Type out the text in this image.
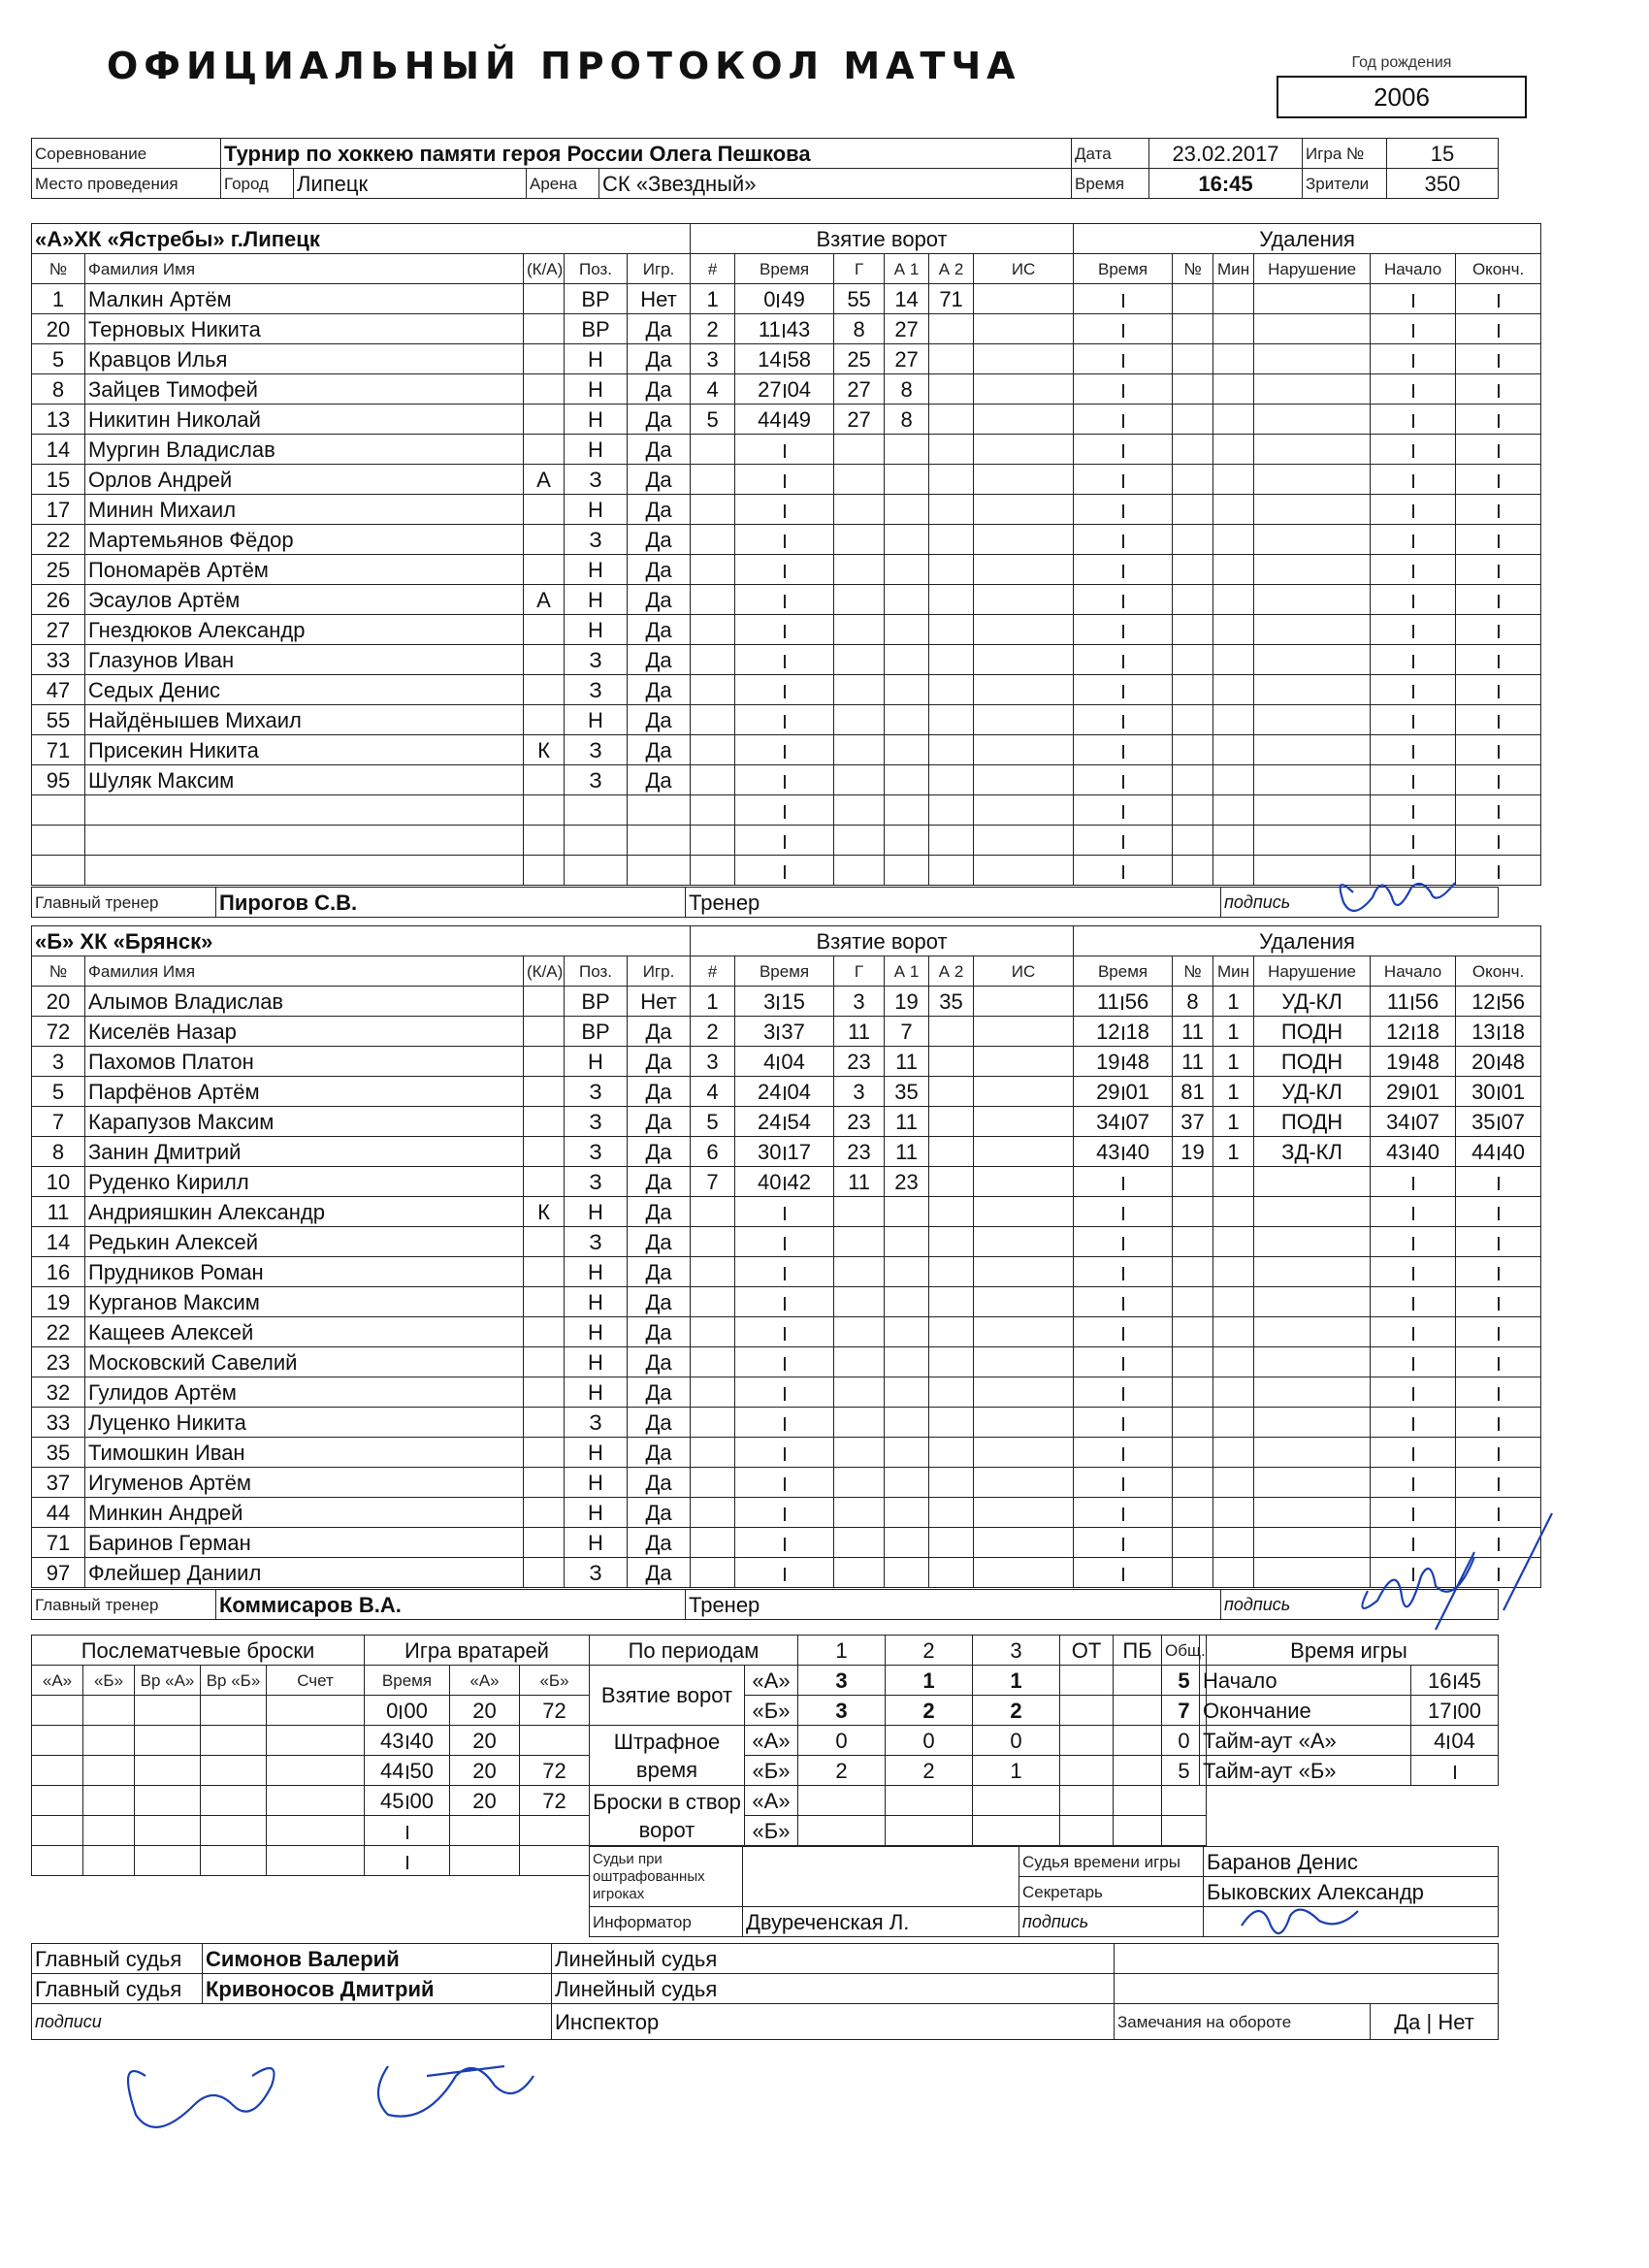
ОФИЦИАЛЬНЫЙ ПРОТОКОЛ МАТЧА	Год рождения
2006
Соревнование	Турнир по хоккею памяти героя России Олега Пешкова				Дата	23.02.2017	Игра №	15
Место проведения	Город	Липецк	Арена	СК «Звездный»	Время	16:45	Зрители	350
«А»ХК «Ястребы» г.Липецк					Взятие ворот						Удаления					
№	Фамилия Имя	(К/А)	Поз.	Игр.	#	Время	Г	А 1	А 2	ИС	Время	№	Мин	Нарушение	Начало	Оконч.
1	Малкин Артём		ВР	Нет	1	0 49	55	14	71							
20	Терновых Никита		ВР	Да	2	11 43	8	27								
5	Кравцов Илья		Н	Да	3	14 58	25	27								
8	Зайцев Тимофей		Н	Да	4	27 04	27	8								
13	Никитин Николай		Н	Да	5	44 49	27	8								
14	Мургин Владислав		Н	Да												
15	Орлов Андрей	А	З	Да												
17	Минин Михаил		Н	Да												
22	Мартемьянов Фёдор		З	Да												
25	Пономарёв Артём		Н	Да												
26	Эсаулов Артём	А	Н	Да												
27	Гнездюков Александр		Н	Да												
33	Глазунов Иван		З	Да												
47	Седых Денис		З	Да												
55	Найдёнышев Михаил		Н	Да												
71	Присекин Никита	К	З	Да												
95	Шуляк Максим		З	Да												

Главный тренер	Пирогов С.В.	Тренер	подпись
«Б» ХК «Брянск»					Взятие ворот						Удаления					
№	Фамилия Имя	(К/А)	Поз.	Игр.	#	Время	Г	А 1	А 2	ИС	Время	№	Мин	Нарушение	Начало	Оконч.
20	Алымов Владислав		ВР	Нет	1	3 15	3	19	35		11 56	8	1	УД-КЛ	11 56	12 56
72	Киселёв Назар		ВР	Да	2	3 37	11	7			12 18	11	1	ПОДН	12 18	13 18
3	Пахомов Платон		Н	Да	3	4 04	23	11			19 48	11	1	ПОДН	19 48	20 48
5	Парфёнов Артём		З	Да	4	24 04	3	35			29 01	81	1	УД-КЛ	29 01	30 01
7	Карапузов Максим		З	Да	5	24 54	23	11			34 07	37	1	ПОДН	34 07	35 07
8	Занин Дмитрий		З	Да	6	30 17	23	11			43 40	19	1	ЗД-КЛ	43 40	44 40
10	Руденко Кирилл		З	Да	7	40 42	11	23								
11	Андрияшкин Александр	К	Н	Да												
14	Редькин Алексей		З	Да												
16	Прудников Роман		Н	Да												
19	Курганов Максим		Н	Да												
22	Кащеев Алексей		Н	Да												
23	Московский Савелий		Н	Да												
32	Гулидов Артём		Н	Да												
33	Луценко Никита		З	Да												
35	Тимошкин Иван		Н	Да												
37	Игуменов Артём		Н	Да												
44	Минкин Андрей		Н	Да												
71	Баринов Герман		Н	Да												
97	Флейшер Даниил		З	Да												
Главный тренер	Коммисаров В.А.	Тренер	подпись
Послематчевые броски				
«А»	«Б»	Вр «А»	Вр «Б»	Счет

Игра вратарей		
Время	«А»	«Б»
0 00	20	72
43 40	20	
44 50	20	72
45 00	20	72

По периодам		1	2	3	ОТ	ПБ	Общ.
Взятие ворот	«А»	3	1	1			5
	«Б»	3	2	2			7
Штрафное время	«А»	0	0	0			0
	«Б»	2	2	1			5
Броски в створ ворот	«А»						
	«Б»						
Время игры	
Начало	16 45
Окончание	17 00
Тайм-аут «А»	4 04
Тайм-аут «Б»	
Судьи при оштрафованных игроках		Судья времени игры	Баранов Денис
		Секретарь	Быковских Александр
Информатор	Двуреченская Л.	подпись	
Главный судья	Симонов Валерий	Линейный судья		
Главный судья	Кривоносов Дмитрий	Линейный судья		
подписи		Инспектор	Замечания на обороте	Да | Нет
